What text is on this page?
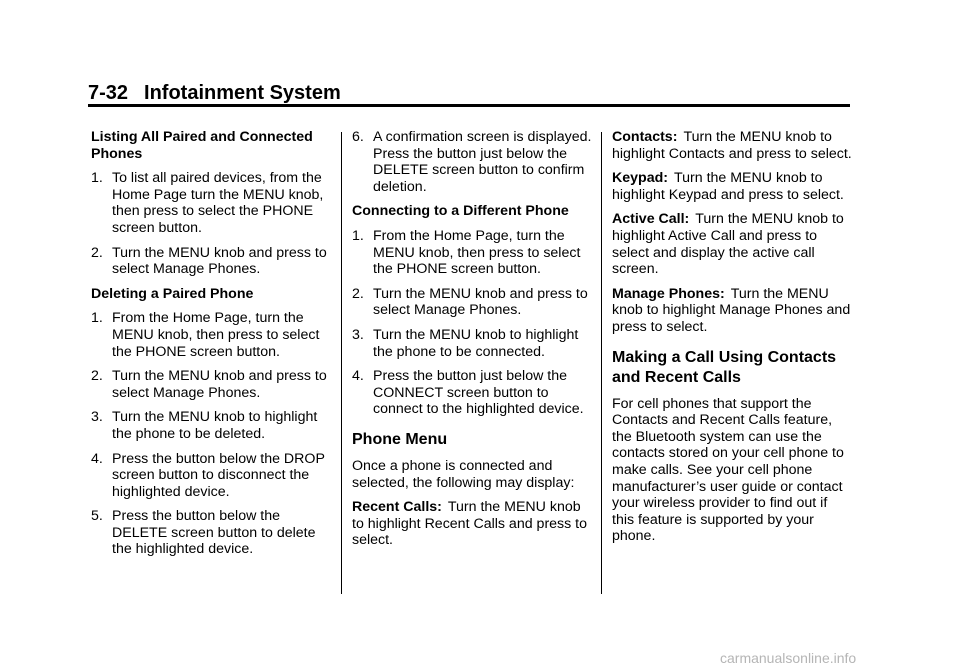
7-32 Infotainment System
Listing All Paired and Connected Phones
1. To list all paired devices, from the Home Page turn the MENU knob, then press to select the PHONE screen button.
2. Turn the MENU knob and press to select Manage Phones.
Deleting a Paired Phone
1. From the Home Page, turn the MENU knob, then press to select the PHONE screen button.
2. Turn the MENU knob and press to select Manage Phones.
3. Turn the MENU knob to highlight the phone to be deleted.
4. Press the button below the DROP screen button to disconnect the highlighted device.
5. Press the button below the DELETE screen button to delete the highlighted device.
6. A confirmation screen is displayed. Press the button just below the DELETE screen button to confirm deletion.
Connecting to a Different Phone
1. From the Home Page, turn the MENU knob, then press to select the PHONE screen button.
2. Turn the MENU knob and press to select Manage Phones.
3. Turn the MENU knob to highlight the phone to be connected.
4. Press the button just below the CONNECT screen button to connect to the highlighted device.
Phone Menu

Once a phone is connected and selected, the following may display:

Recent Calls: Turn the MENU knob to highlight Recent Calls and press to select.

Contacts: Turn the MENU knob to highlight Contacts and press to select.

Keypad: Turn the MENU knob to highlight Keypad and press to select.

Active Call: Turn the MENU knob to highlight Active Call and press to select and display the active call screen.

Manage Phones: Turn the MENU knob to highlight Manage Phones and press to select.

Making a Call Using Contacts and Recent Calls

For cell phones that support the Contacts and Recent Calls feature, the Bluetooth system can use the contacts stored on your cell phone to make calls. See your cell phone manufacturer’s user guide or contact your wireless provider to find out if this feature is supported by your phone.

carmanualsonline.info
